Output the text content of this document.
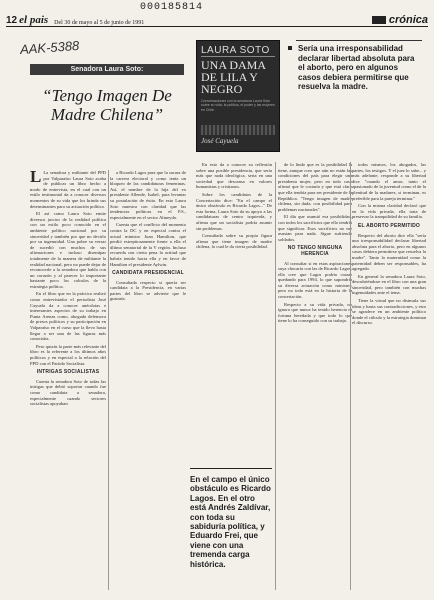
000185814
AAK-5388
12 el pais Del 30 de mayo al 5 de junio de 1991	crónica
Senadora Laura Soto:
“Tengo Imagen De Madre Chilena”
LAURA SOTO
UNA DAMA DE LILA Y NEGRO
Conversaciones con la senadora Laura Soto sobre su vida, la política, el poder y las mujeres en Chile.
José Cayuela
Sería una irresponsabilidad declarar libertad absoluta para el aborto, pero en algunos casos debiera permitirse que resuelva la madre.

L La senadora y militante del PPD por Valparaíso Laura Soto acaba de publicar un libro hecho a modo de entrevista, en el cual con un estilo testimonial da a conocer diversos momentos de su vida que los brinda sus determinantes para su actuación política.

El así como Laura Soto emite diversos juicios de la realidad política con un estilo poco conocido en el ambiente político nacional por su sinceridad y también por que no decirlo por su ingenuidad. Una pobre su versar de sucedió con muchos de sus afirmaciones e incluso disentipar totalmente de la manera de militante la realidad nacional, pero no puede dejar de reconocerle a la senadora que habla con un corazón y al parecer lo importante bastante poco los calculos de la estrategia política.

En el libro que en la práctica realizó como entrevistador el periodista José Cayuela da a conocer anécdotas e interesantes aspectos de su trabajo en Punta Arenas como, abogada defensora de presos políticos y su participación en Valparaíso en el curso que la llevo hasta llegar a ser una de las figuras más conocidas.

Pero quizás la parte más relevante del libro es la referente a los últimos años políticos y en especial a la relación del PPD con el Partido Socialista.

INTRIGAS SOCIALISTAS

Cuenta la senadora Soto de todas las intrigas que debió soportar cuando fue como candidata a senadora, especialmente cuando sectores socialistas apoyaban

a Ricardo Lagos para que la sacara de la carrera electoral y como tenía un bloqueo de las candidaturas femeninas. Así, el nombre de la hija del ex presidente Allende, Isabel, para levantar su postulación de éxito. En esto Laura Soto muestra con claridad que las tendencias políticas en el P.S., especialmente en el sector Almeyda.

Cuenta que el conflicto del momento contra la DC y en especial contra el actual ministro Juan Hamilton, que perdió estrepitosamente frente a ella el último senatorial de la V región. Incluso recuerda con cierta pena la actitud que habría tenido hacia ella y en favor de Hamilton el presidente Aylwin.

CANDIDATA PRESIDENCIAL

Consultada respecto si quería ser candidata a la Presidencia, en varias partes del libro se advierte que le gustaría.

En esto da a conocer su reflexión sobre una posible presidencia, que sería más que nada ideológica, seria en una sociedad que descansa en valores humanistas y cristianos.

Sobre los candidatos de la Concertación dice: "En el campo el único obstáculo es Ricardo Lagos..." De esta forma, Laura Soto da su apoyo a las candidaturas de centro izquierda, y afirma que un socialista podría asumir sin problemas.

Consultada sobre su propia figura afirma que tiene imagen de madre chilena, lo cual le da cierta posibilidad.

En el campo el único obstáculo es Ricardo Lagos. En el otro está Andrés Zaldívar, con toda su sabiduría política, y Eduardo Frei, que viene con una tremenda carga histórica.

de lo lindo que es la posibilidad la tiene, aunque creo que aún no están las condiciones del país para elegir una presidenta mujer, pero en todo caso afirmó que le costaría y que está claro que ella tendría para ser presidente de la República. "Tengo imagen de madre chilena, sin duda, con posibilidad para problemas nacionales".

El día que asumió esa posibilidad, con todos los sacrificios que ello tendría que significar. Esos sacrificios no me asustan para nada. Sigue sufriendo soldados.

NO TENGO NINGUNA HERENCIA

Al consultar si en estas aspiraciones suya chocaría con las de Ricardo Lagos, ella cree que Lagos podría cruzar quedando para 1994, lo que supondría su diversa actuación como ministro; pero no todo está en la historia de la concertación.

Respecto a su vida privada, no ignora que nunca ha tenido herencia ni fortuna heredada y que todo lo que tiene lo ha conseguido con su trabajo.

todos mismos, los abogados, las partes, los testigos. Y el juez lo sabe... y más adelante, responde a su libertad dice "cuando el amor, tanto el apasionado de la juventud como el de la plenitud de la madurez, si terminan, es preferible para la pareja terminar."

Con la misma claridad declaró que en la vida privada, ella trata de preservar la tranquilidad de su familia.

EL ABORTO PERMITIDO

Respecto del aborto dice ella "sería una irresponsabilidad declarar libertad absoluta para el aborto, pero en algunos casos debiera permitirse que resuelva la madre". Tanto la maternidad como la paternidad deben ser responsables, ha agregado.

En general la senadora Laura Soto, descubriéndose en el libro con una gran sinceridad, pero también con muchas ingenuidades ante el tema.

Tiene la virtud que no disimula sus ideas y hasta sus contradicciones, y esto se agradece en un ambiente político donde el cálculo y la estrategia dominan el discurso.
